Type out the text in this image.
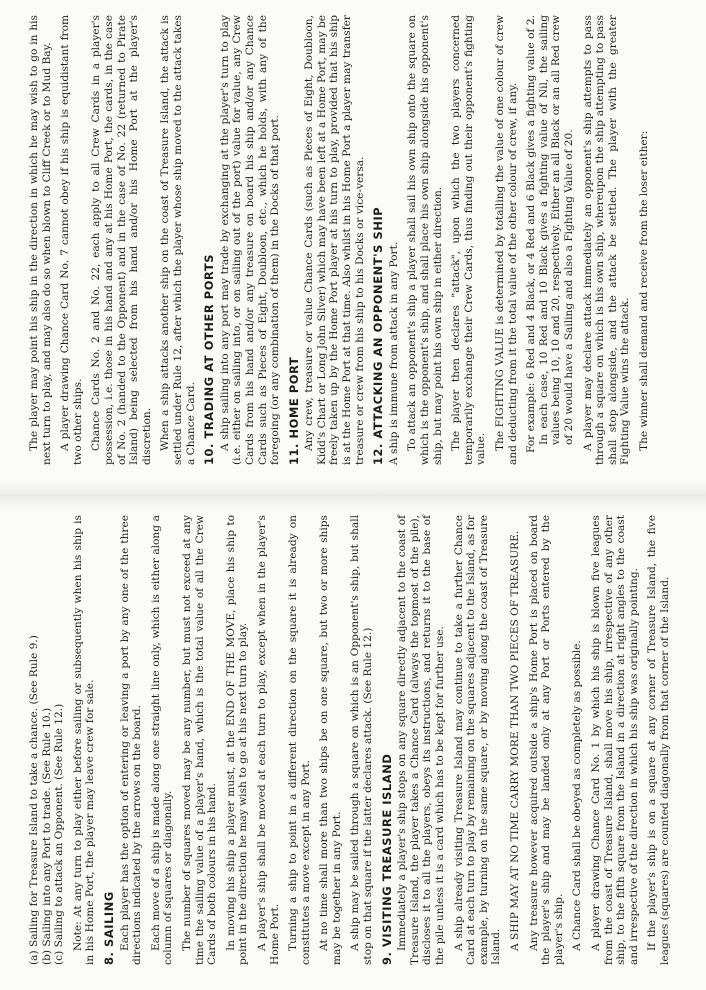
The player may point his ship in the direction in which he may wish to go in his next turn to play, and may also do so when blown to Cliff Creek or to Mud Bay. A player drawing Chance Card No. 7 cannot obey if his ship is equidistant from two other ships. Chance Cards No. 2 and No. 22, each apply to all Crew Cards in a player's possession, i.e. those in his hand and any at his Home Port, the cards, in the case of No. 2 (handed to the Opponent) and in the case of No. 22 (returned to Pirate Island) being selected from his hand and/or his Home Port at the player's discretion. When a ship attacks another ship on the coast of Treasure Island, the attack is settled under Rule 12, after which the player whose ship moved to the attack takes a Chance Card. 10. TRADING AT OTHER PORTS A ship sailing into any port may trade by exchanging at the player's turn to play (i.e. either on sailing into, or on sailing out of the port) value for value, any Crew Cards from his hand and/or any treasure on board his ship and/or any Chance Cards such as Pieces of Eight, Doubloon, etc., which he holds, with any of the foregoing (or any combination of them) in the Docks of that port. 11. HOME PORT Any crew, treasure or value Chance Cards (such as Pieces of Eight, Doubloon, Kidd's Chart or Long John Silver) which may have been left at a Home Port, may be freely taken up by the Home Port player at his turn to play, provided that his ship is at the Home Port at that time. Also whilst in his Home Port a player may transfer treasure or crew from his ship to his Docks or vice-versa. 12. ATTACKING AN OPPONENT'S SHIP A ship is immune from attack in any Port. To attack an opponent's ship a player shall sail his own ship onto the square on which is the opponent's ship, and shall place his own ship alongside his opponent's ship, but may point his own ship in either direction. The player then declares "attack", upon which the two players concerned temporarily exchange their Crew Cards, thus finding out their opponent's fighting value. The FIGHTING VALUE is determined by totalling the value of one colour of crew and deducting from it the total value of the other colour of crew, if any. For example: 6 Red and 4 Black, or 4 Red and 6 Black gives a fighting value of 2. In each case, 10 Red and 10 Black gives a fighting value of Nil, the sailing values being 10, 10 and 20, respectively. Either an all Black or an all Red crew of 20 would have a Sailing and also a Fighting Value of 20. A player may declare attack immediately an opponent's ship attempts to pass through a square on which is his own ship, whereupon the ship attempting to pass shall stop alongside, and the attack be settled. The player with the greater Fighting Value wins the attack. The winner shall demand and receive from the loser either:

(a) Sailing for Treasure Island to take a chance. (See Rule 9.) (b) Sailing into any Port to trade. (See Rule 10.) (c) Sailing to attack an Opponent. (See Rule 12.) Note: At any turn to play either before sailing or subsequently when his ship is in his Home Port, the player may leave crew for sale. 8. SAILING Each player has the option of entering or leaving a port by any one of the three directions indicated by the arrows on the board. Each move of a ship is made along one straight line only, which is either along a column of squares or diagonally. The number of squares moved may be any number, but must not exceed at any time the sailing value of a player's hand, which is the total value of all the Crew Cards of both colours in his hand. In moving his ship a player must, at the END OF THE MOVE, place his ship to point in the direction he may wish to go at his next turn to play. A player's ship shall be moved at each turn to play, except when in the player's Home Port. Turning a ship to point in a different direction on the square it is already on constitutes a move except in any Port. At no time shall more than two ships be on one square, but two or more ships may be together in any Port. A ship may be sailed through a square on which is an Opponent's ship, but shall stop on that square if the latter declares attack. (See Rule 12.) 9. VISITING TREASURE ISLAND Immediately a player's ship stops on any square directly adjacent to the coast of Treasure Island, the player takes a Chance Card (always the topmost of the pile), discloses it to all the players, obeys its instructions, and returns it to the base of the pile unless it is a card which has to be kept for further use. A ship already visiting Treasure Island may continue to take a further Chance Card at each turn to play by remaining on the squares adjacent to the Island, as for example, by turning on the same square, or by moving along the coast of Treasure Island. A SHIP MAY AT NO TIME CARRY MORE THAN TWO PIECES OF TREASURE. Any treasure however acquired outside a ship's Home Port is placed on board the player's ship and may be landed only at any Port or Ports entered by the player's ship. A Chance Card shall be obeyed as completely as possible. A player drawing Chance Card No. 1 by which his ship is blown five leagues from the coast of Treasure Island, shall move his ship, irrespective of any other ship, to the fifth square from the Island in a direction at right angles to the coast and irrespective of the direction in which his ship was originally pointing. If the player's ship is on a square at any corner of Treasure Island, the five leagues (squares) are counted diagonally from that corner of the Island.
